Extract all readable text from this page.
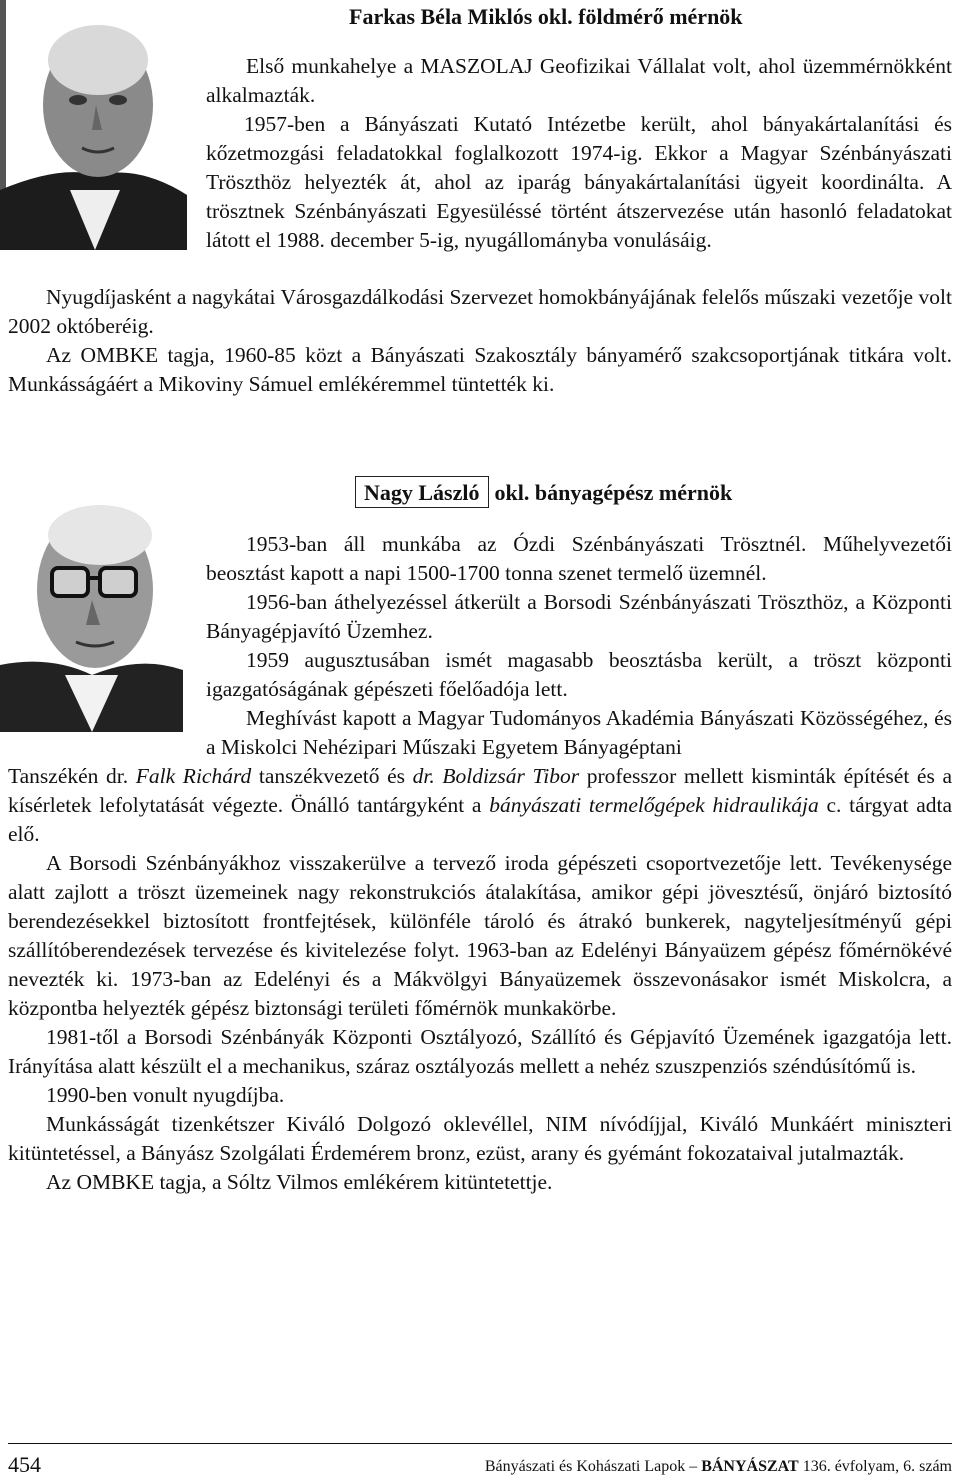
Farkas Béla Miklós okl. földmérő mérnök

Első munkahelye a MASZOLAJ Geofizikai Vállalat volt, ahol üzemmérnökként alkalmazták.

1957-ben a Bányászati Kutató Intézetbe került, ahol bányakártalanítási és kőzetmozgási feladatokkal foglalkozott 1974-ig. Ekkor a Magyar Szénbányászati Tröszthöz helyezték át, ahol az iparág bányakártalanítási ügyeit koordinálta. A trösztnek Szénbányászati Egyesüléssé történt átszervezése után hasonló feladatokat látott el 1988. december 5-ig, nyugállományba vonulásáig.

Nyugdíjasként a nagykátai Városgazdálkodási Szervezet homokbányájának felelős műszaki vezetője volt 2002 októberéig.

Az OMBKE tagja, 1960-85 közt a Bányászati Szakosztály bányamérő szakcsoportjának titkára volt. Munkásságáért a Mikoviny Sámuel emlékéremmel tüntették ki.

Nagy László okl. bányagépész mérnök

1953-ban áll munkába az Ózdi Szénbányászati Trösztnél. Műhelyvezetői beosztást kapott a napi 1500-1700 tonna szenet termelő üzemnél.

1956-ban áthelyezéssel átkerült a Borsodi Szénbányászati Tröszthöz, a Központi Bányagépjavító Üzemhez.

1959 augusztusában ismét magasabb beosztásba került, a tröszt központi igazgatóságának gépészeti főelőadója lett.

Meghívást kapott a Magyar Tudományos Akadémia Bányászati Közösségéhez, és a Miskolci Nehézipari Műszaki Egyetem Bányagéptani

Tanszékén dr. Falk Richárd tanszékvezető és dr. Boldizsár Tibor professzor mellett kisminták építését és a kísérletek lefolytatását végezte. Önálló tantárgyként a bányászati termelőgépek hidraulikája c. tárgyat adta elő.

A Borsodi Szénbányákhoz visszakerülve a tervező iroda gépészeti csoportvezetője lett. Tevékenysége alatt zajlott a tröszt üzemeinek nagy rekonstrukciós átalakítása, amikor gépi jövesztésű, önjáró biztosító berendezésekkel biztosított frontfejtések, különféle tároló és átrakó bunkerek, nagyteljesítményű gépi szállítóberendezések tervezése és kivitelezése folyt. 1963-ban az Edelényi Bányaüzem gépész főmérnökévé nevezték ki. 1973-ban az Edelényi és a Mákvölgyi Bányaüzemek összevonásakor ismét Miskolcra, a központba helyezték gépész biztonsági területi főmérnök munkakörbe.

1981-től a Borsodi Szénbányák Központi Osztályozó, Szállító és Gépjavító Üzemének igazgatója lett. Irányítása alatt készült el a mechanikus, száraz osztályozás mellett a nehéz szuszpenziós széndúsítómű is.

1990-ben vonult nyugdíjba.

Munkásságát tizenkétszer Kiváló Dolgozó oklevéllel, NIM nívódíjjal, Kiváló Munkáért miniszteri kitüntetéssel, a Bányász Szolgálati Érdemérem bronz, ezüst, arany és gyémánt fokozataival jutalmazták.

Az OMBKE tagja, a Sóltz Vilmos emlékérem kitüntetettje.

454	Bányászati és Kohászati Lapok – BÁNYÁSZAT 136. évfolyam, 6. szám
